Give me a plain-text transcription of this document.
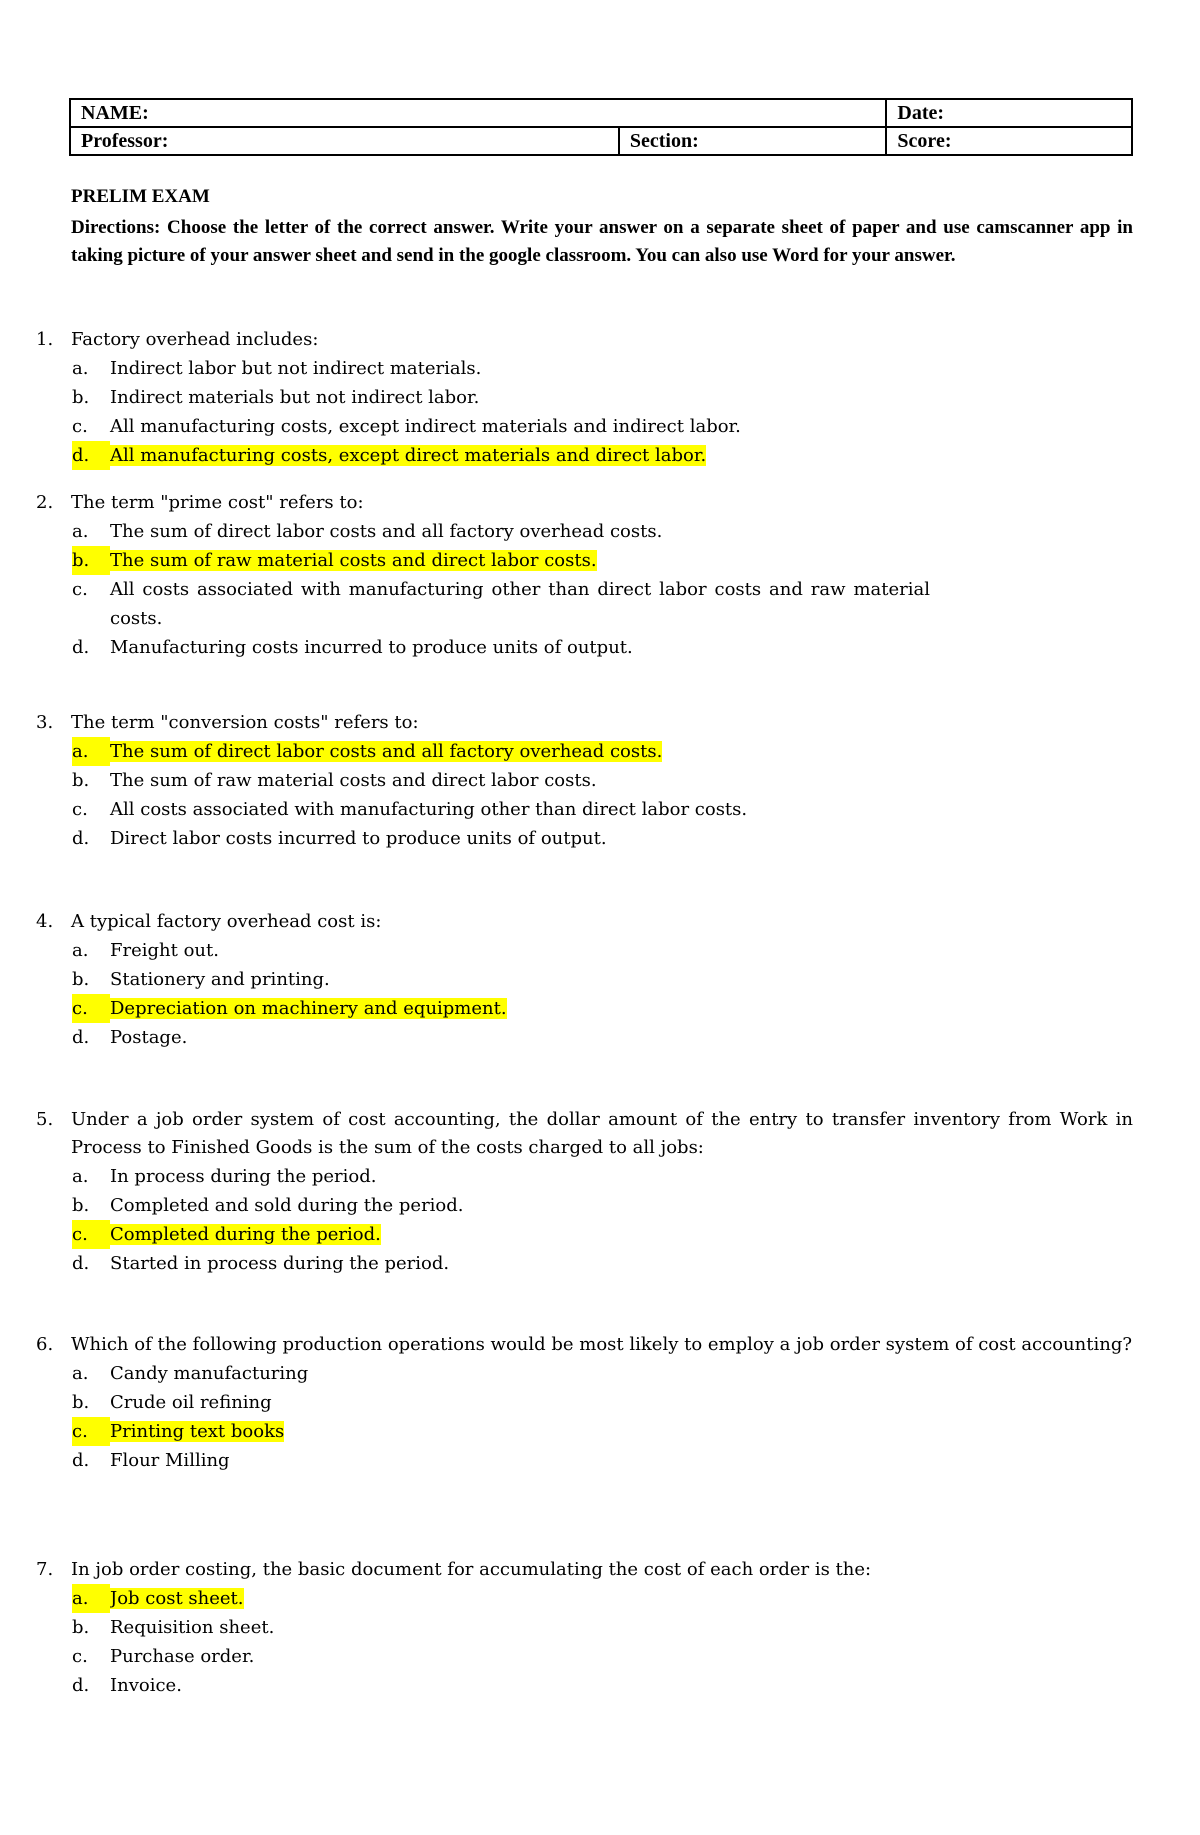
NAME:		Date:
Professor:	Section:	Score:
PRELIM EXAM
Directions: Choose the letter of the correct answer. Write your answer on a separate sheet of paper and use camscanner app in taking picture of your answer sheet and send in the google classroom. You can also use Word for your answer.
1. Factory overhead includes:
a. Indirect labor but not indirect materials.
b. Indirect materials but not indirect labor.
c. All manufacturing costs, except indirect materials and indirect labor.
d.	All manufacturing costs, except direct materials and direct labor.
2. The term "prime cost" refers to:
a. The sum of direct labor costs and all factory overhead costs.
b.	The sum of raw material costs and direct labor costs.
c. All costs associated with manufacturing other than direct labor costs and raw material costs.
d. Manufacturing costs incurred to produce units of output.
3. The term "conversion costs" refers to:
a.	The sum of direct labor costs and all factory overhead costs.
b. The sum of raw material costs and direct labor costs.
c. All costs associated with manufacturing other than direct labor costs.
d. Direct labor costs incurred to produce units of output.
4. A typical factory overhead cost is:
a. Freight out.
b. Stationery and printing.
c.	Depreciation on machinery and equipment.
d. Postage.
5. Under a job order system of cost accounting, the dollar amount of the entry to transfer inventory from Work in Process to Finished Goods is the sum of the costs charged to all jobs:
a. In process during the period.
b. Completed and sold during the period.
c.	Completed during the period.
d. Started in process during the period.
6. Which of the following production operations would be most likely to employ a job order system of cost accounting?
a. Candy manufacturing
b. Crude oil refining
c.	Printing text books
d. Flour Milling
7. In job order costing, the basic document for accumulating the cost of each order is the:
a.	Job cost sheet.
b. Requisition sheet.
c. Purchase order.
d. Invoice.
